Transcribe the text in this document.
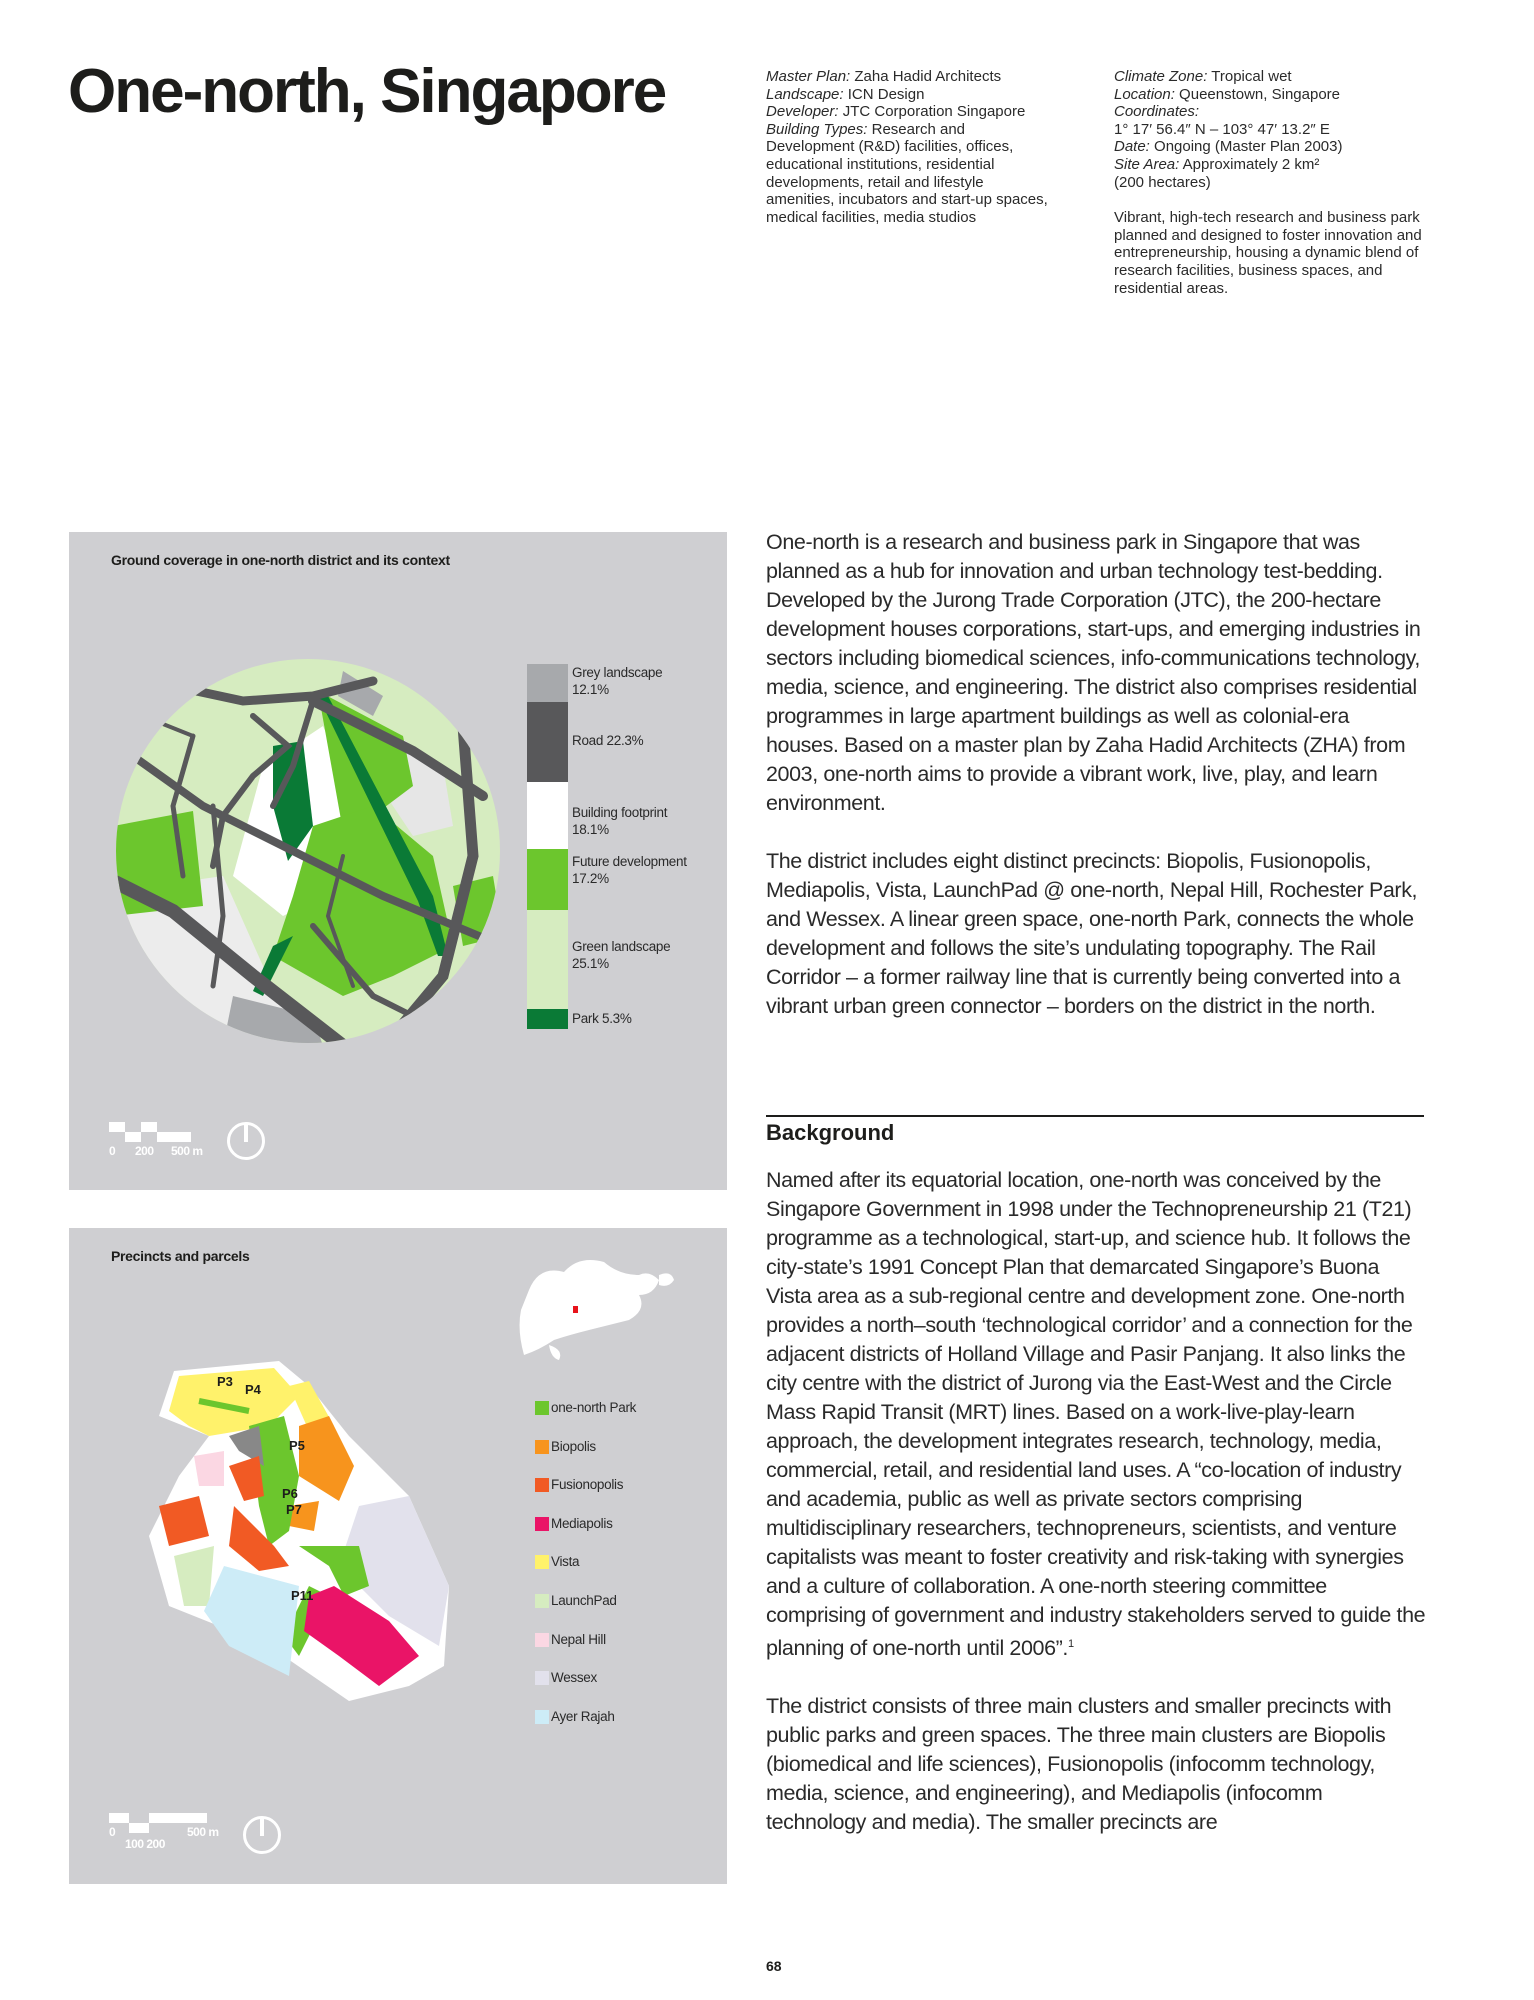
One-north, Singapore	Master Plan: Zaha Hadid Architects

Landscape: ICN Design

Developer: JTC Corporation Singapore

Building Types: Research and Development (R&D) facilities, offices, educational institutions, residential developments, retail and lifestyle amenities, incubators and start-up spaces, medical facilities, media studios

Climate Zone: Tropical wet

Location: Queenstown, Singapore

Coordinates:

1° 17′ 56.4″ N – 103° 47′ 13.2″ E

Date: Ongoing (Master Plan 2003)

Site Area: Approximately 2 km²

(200 hectares)

Vibrant, high-tech research and business park planned and designed to foster innovation and entrepreneurship, housing a dynamic blend of research facilities, business spaces, and residential areas.

Ground coverage in one-north district and its context
Grey landscape 12.1%
Road 22.3%
Building footprint 18.1%
Future development 17.2%
Green landscape 25.1%
Park 5.3%
0 200 500 m
Precincts and parcels
P3
P4
P5
P6
P7
P11
one-north Park
Biopolis
Fusionopolis
Mediapolis
Vista
LaunchPad
Nepal Hill
Wessex
Ayer Rajah
0
100 200
500 m

One-north is a research and business park in Singapore that was planned as a hub for innovation and urban technology test-bedding. Developed by the Jurong Trade Corporation (JTC), the 200-hectare development houses corporations, start-ups, and emerging industries in sectors including biomedical sciences, info-communications technology, media, science, and engineering. The district also comprises residential programmes in large apartment buildings as well as colonial-era houses. Based on a master plan by Zaha Hadid Architects (ZHA) from 2003, one-north aims to provide a vibrant work, live, play, and learn environment.

The district includes eight distinct precincts: Biopolis, Fusionopolis, Mediapolis, Vista, LaunchPad @ one-north, Nepal Hill, Rochester Park, and Wessex. A linear green space, one-north Park, connects the whole development and follows the site’s undulating topography. The Rail Corridor – a former railway line that is currently being converted into a vibrant urban green connector – borders on the district in the north.

Background

Named after its equatorial location, one-north was conceived by the Singapore Government in 1998 under the Technopreneurship 21 (T21) programme as a technological, start-up, and science hub. It follows the city-state’s 1991 Concept Plan that demarcated Singapore’s Buona Vista area as a sub-regional centre and development zone. One-north provides a north–south ‘technological corridor’ and a connection for the adjacent districts of Holland Village and Pasir Panjang. It also links the city centre with the district of Jurong via the East-West and the Circle Mass Rapid Transit (MRT) lines. Based on a work-live-play-learn approach, the development integrates research, technology, media, commercial, retail, and residential land uses. A “co-location of industry and academia, public as well as private sectors comprising multidisciplinary researchers, technopreneurs, scientists, and venture capitalists was meant to foster creativity and risk-taking with synergies and a culture of collaboration. A one-north steering committee comprising of government and industry stakeholders served to guide the planning of one-north until 2006”.$^1$

The district consists of three main clusters and smaller precincts with public parks and green spaces. The three main clusters are Biopolis (biomedical and life sciences), Fusionopolis (infocomm technology, media, science, and engineering), and Mediapolis (infocomm technology and media). The smaller precincts are

68
